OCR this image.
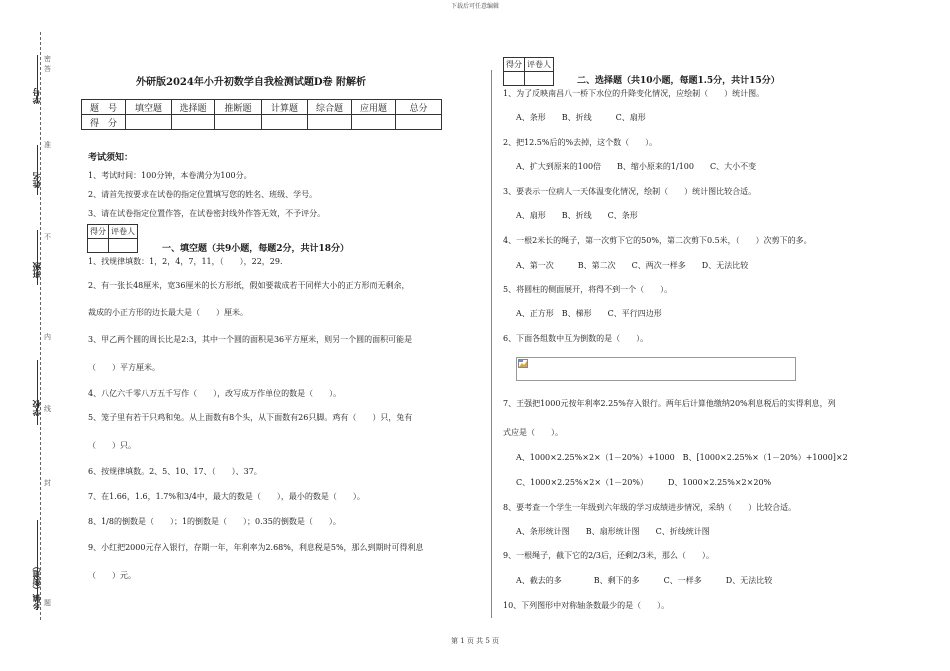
下载后可任意编辑
学号
姓名
班级
学校
乡镇（街道）
密
封
线
内
不
准
答
题
外研版2024年小升初数学自我检测试题D卷 附解析
题　号	填空题	选择题	推断题	计算题	综合题	应用题	总分
得　分							
考试须知：
1、考试时间：100分钟，本卷满分为100分。
2、请首先按要求在试卷的指定位置填写您的姓名、班级、学号。
3、请在试卷指定位置作答，在试卷密封线外作答无效，不予评分。
得分	评卷人

一、填空题（共9小题，每题2分，共计18分）
1、找规律填数：1，2，4，7，11，（　　），22，29.
2、有一张长48厘米，宽36厘米的长方形纸，假如要裁成若干同样大小的正方形而无剩余，
裁成的小正方形的边长最大是（　　）厘米。
3、甲乙两个圆的周长比是2:3，其中一个圆的面积是36平方厘米，则另一个圆的面积可能是
（　　）平方厘米。
4、八亿六千零八万五千写作（　　），改写成万作单位的数是（　　）。
5、笼子里有若干只鸡和兔。从上面数有8个头，从下面数有26只脚。鸡有（　　）只，兔有
（　　）只。
6、按规律填数。2、5、10、17、（　　）、37。
7、在1.66，1.6，1.7%和3/4中，最大的数是（　　），最小的数是（　　）。
8、1/8的倒数是（　　）；1的倒数是（　　）；0.35的倒数是（　　）。
9、小红把2000元存入银行，存期一年，年利率为2.68%，利息税是5%，那么到期时可得利息
（　　）元。
得分	评卷人

二、选择题（共10小题，每题1.5分，共计15分）
1、为了反映南昌八一桥下水位的升降变化情况，应绘制（　　）统计图。
A、条形　　B、折线　　　C、扇形
2、把12.5%后的%去掉，这个数（　　）。
A、扩大到原来的100倍　　B、缩小原来的1/100　　C、大小不变
3、要表示一位病人一天体温变化情况，绘制（　　）统计图比较合适。
A、扇形　　B、折线　　C、条形
4、一根2米长的绳子，第一次剪下它的50%，第二次剪下0.5米，（　　）次剪下的多。
A、第一次　　　B、第二次　　C、两次一样多　　D、无法比较
5、将圆柱的侧面展开，将得不到一个（　　）。
A、正方形　B、梯形　　C、平行四边形
6、下面各组数中互为倒数的是（　　）。
7、王强把1000元按年利率2.25%存入银行。两年后计算他缴纳20%利息税后的实得利息，列
式应是（　　）。
A、1000×2.25%×2×（1－20%）+1000　B、[1000×2.25%×（1－20%）+1000]×2
C、1000×2.25%×2×（1－20%）　　　D、1000×2.25%×2×20%
8、要考查一个学生一年级到六年级的学习成绩进步情况，采纳（　　）比较合适。
A、条形统计图　　B、扇形统计图　　C、折线统计图
9、一根绳子，截下它的2/3后，还剩2/3米，那么（　　）。
A、截去的多　　　　B、剩下的多　　　C、一样多　　　D、无法比较
10、下列图形中对称轴条数最少的是（　　）。
第 1 页 共 5 页
